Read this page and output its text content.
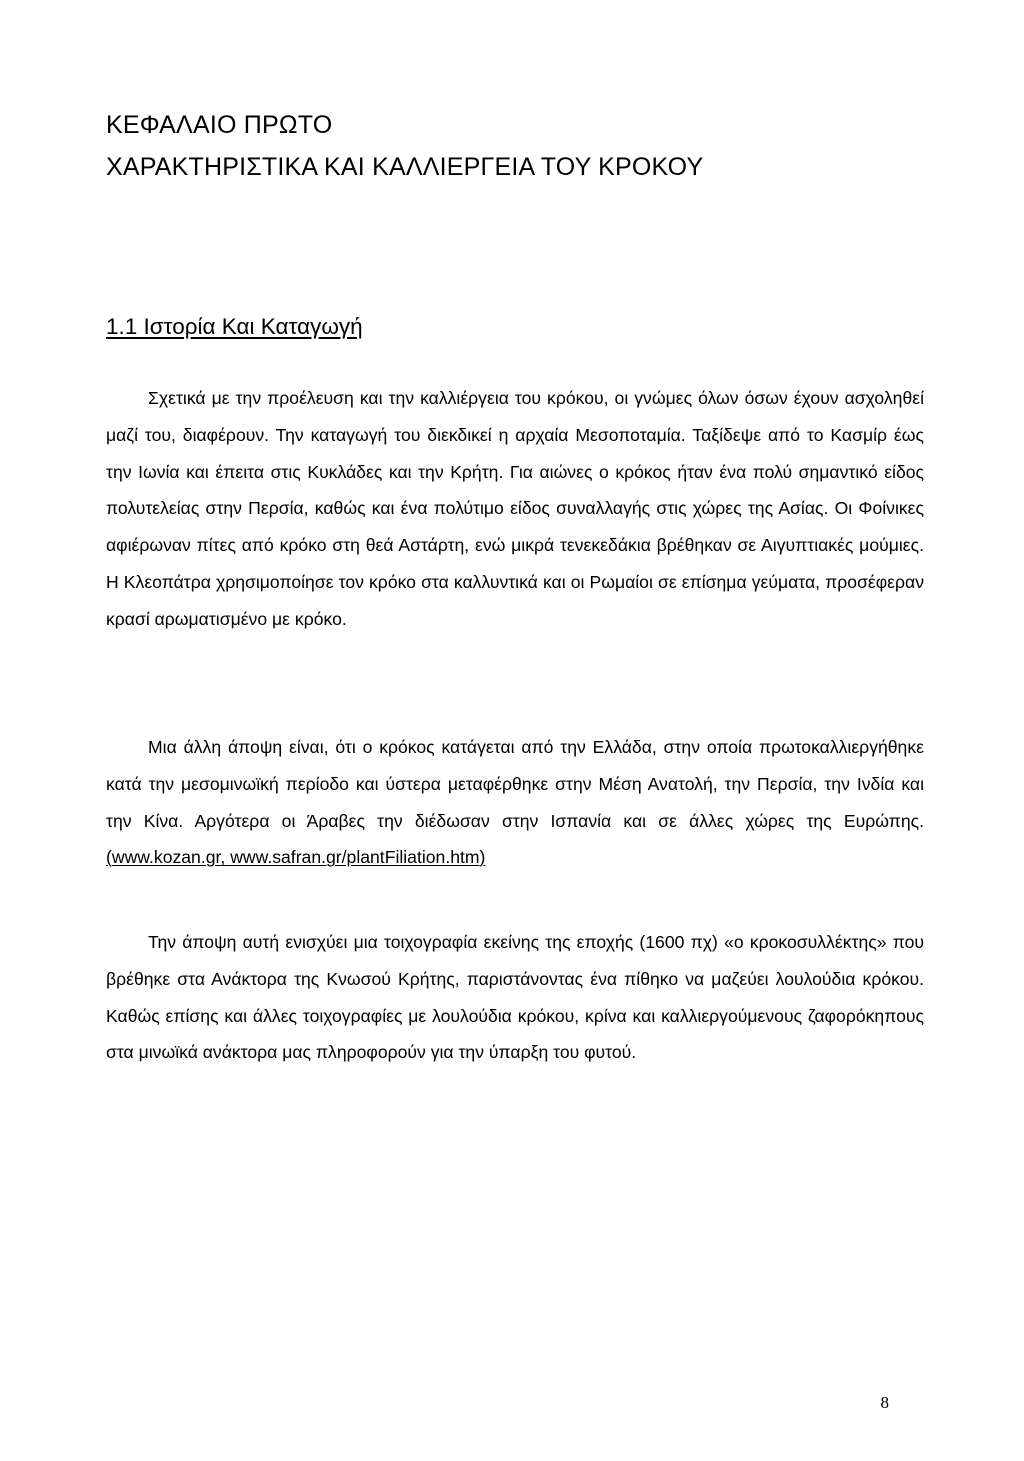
ΚΕΦΑΛΑΙΟ ΠΡΩΤΟ
ΧΑΡΑΚΤΗΡΙΣΤΙΚΑ ΚΑΙ ΚΑΛΛΙΕΡΓΕΙΑ ΤΟΥ ΚΡΟΚΟΥ
1.1 Ιστορία Και Καταγωγή

Σχετικά με την προέλευση και την καλλιέργεια του κρόκου, οι γνώμες όλων όσων έχουν ασχοληθεί μαζί του, διαφέρουν. Την καταγωγή του διεκδικεί η αρχαία Μεσοποταμία. Ταξίδεψε από το Κασμίρ έως την Ιωνία και έπειτα στις Κυκλάδες και την Κρήτη. Για αιώνες ο κρόκος ήταν ένα πολύ σημαντικό είδος πολυτελείας στην Περσία, καθώς και ένα πολύτιμο είδος συναλλαγής στις χώρες της Ασίας. Οι Φοίνικες αφιέρωναν πίτες από κρόκο στη θεά Αστάρτη, ενώ μικρά τενεκεδάκια βρέθηκαν σε Αιγυπτιακές μούμιες. Η Κλεοπάτρα χρησιμοποίησε τον κρόκο στα καλλυντικά και οι Ρωμαίοι σε επίσημα γεύματα, προσέφεραν κρασί αρωματισμένο με κρόκο.

Μια άλλη άποψη είναι, ότι ο κρόκος κατάγεται από την Ελλάδα, στην οποία πρωτοκαλλιεργήθηκε κατά την μεσομινωϊκή περίοδο και ύστερα μεταφέρθηκε στην Μέση Ανατολή, την Περσία, την Ινδία και την Κίνα. Αργότερα οι Άραβες την διέδωσαν στην Ισπανία και σε άλλες χώρες της Ευρώπης.(www.kozan.gr, www.safran.gr/plantFiliation.htm)

Την άποψη αυτή ενισχύει μια τοιχογραφία εκείνης της εποχής (1600 πχ) «ο κροκοσυλλέκτης» που βρέθηκε στα Ανάκτορα της Κνωσού Κρήτης, παριστάνοντας ένα πίθηκο να μαζεύει λουλούδια κρόκου. Καθώς επίσης και άλλες τοιχογραφίες με λουλούδια κρόκου, κρίνα και καλλιεργούμενους ζαφορόκηπους στα μινωϊκά ανάκτορα μας πληροφορούν για την ύπαρξη του φυτού.

8
